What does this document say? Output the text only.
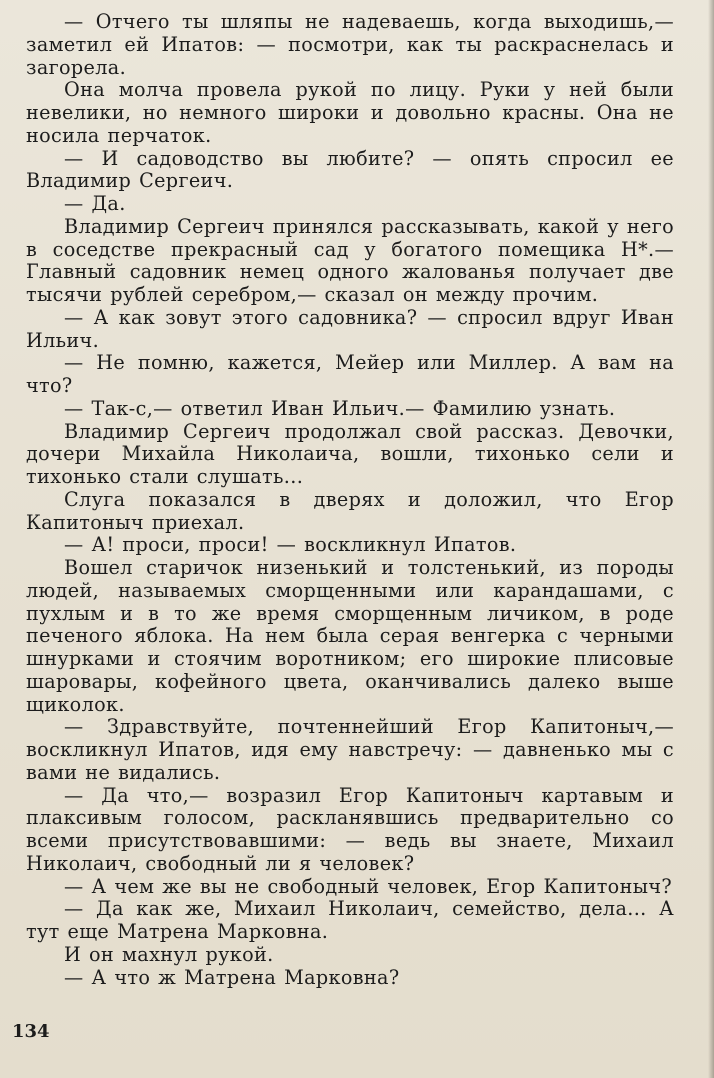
— Отчего ты шляпы не надеваешь, когда выходишь,— заметил ей Ипатов: — посмотри, как ты раскраснелась и загорела.

Она молча провела рукой по лицу. Руки у ней были невелики, но немного широки и довольно красны. Она не носила перчаток.

— И садоводство вы любите? — опять спросил ее Владимир Сергеич.

— Да.

Владимир Сергеич принялся рассказывать, какой у него в соседстве прекрасный сад у богатого помещика Н*.— Главный садовник немец одного жалованья получает две тысячи рублей серебром,— сказал он между прочим.

— А как зовут этого садовника? — спросил вдруг Иван Ильич.

— Не помню, кажется, Мейер или Миллер. А вам на что?

— Так-с,— ответил Иван Ильич.— Фамилию узнать.

Владимир Сергеич продолжал свой рассказ. Девочки, дочери Михайла Николаича, вошли, тихонько сели и тихонько стали слушать...

Слуга показался в дверях и доложил, что Егор Капитоныч приехал.

— А! проси, проси! — воскликнул Ипатов.

Вошел старичок низенький и толстенький, из породы людей, называемых сморщенными или карандашами, с пухлым и в то же время сморщенным личиком, в роде печеного яблока. На нем была серая венгерка с черными шнурками и стоячим воротником; его широкие плисовые шаровары, кофейного цвета, оканчивались далеко выше щиколок.

— Здравствуйте, почтеннейший Егор Капитоныч,— воскликнул Ипатов, идя ему навстречу: — давненько мы с вами не видались.

— Да что,— возразил Егор Капитоныч картавым и плаксивым голосом, раскланявшись предварительно со всеми присутствовавшими: — ведь вы знаете, Михаил Николаич, свободный ли я человек?

— А чем же вы не свободный человек, Егор Капитоныч?

— Да как же, Михаил Николаич, семейство, дела... А тут еще Матрена Марковна.

И он махнул рукой.

— А что ж Матрена Марковна?

134
